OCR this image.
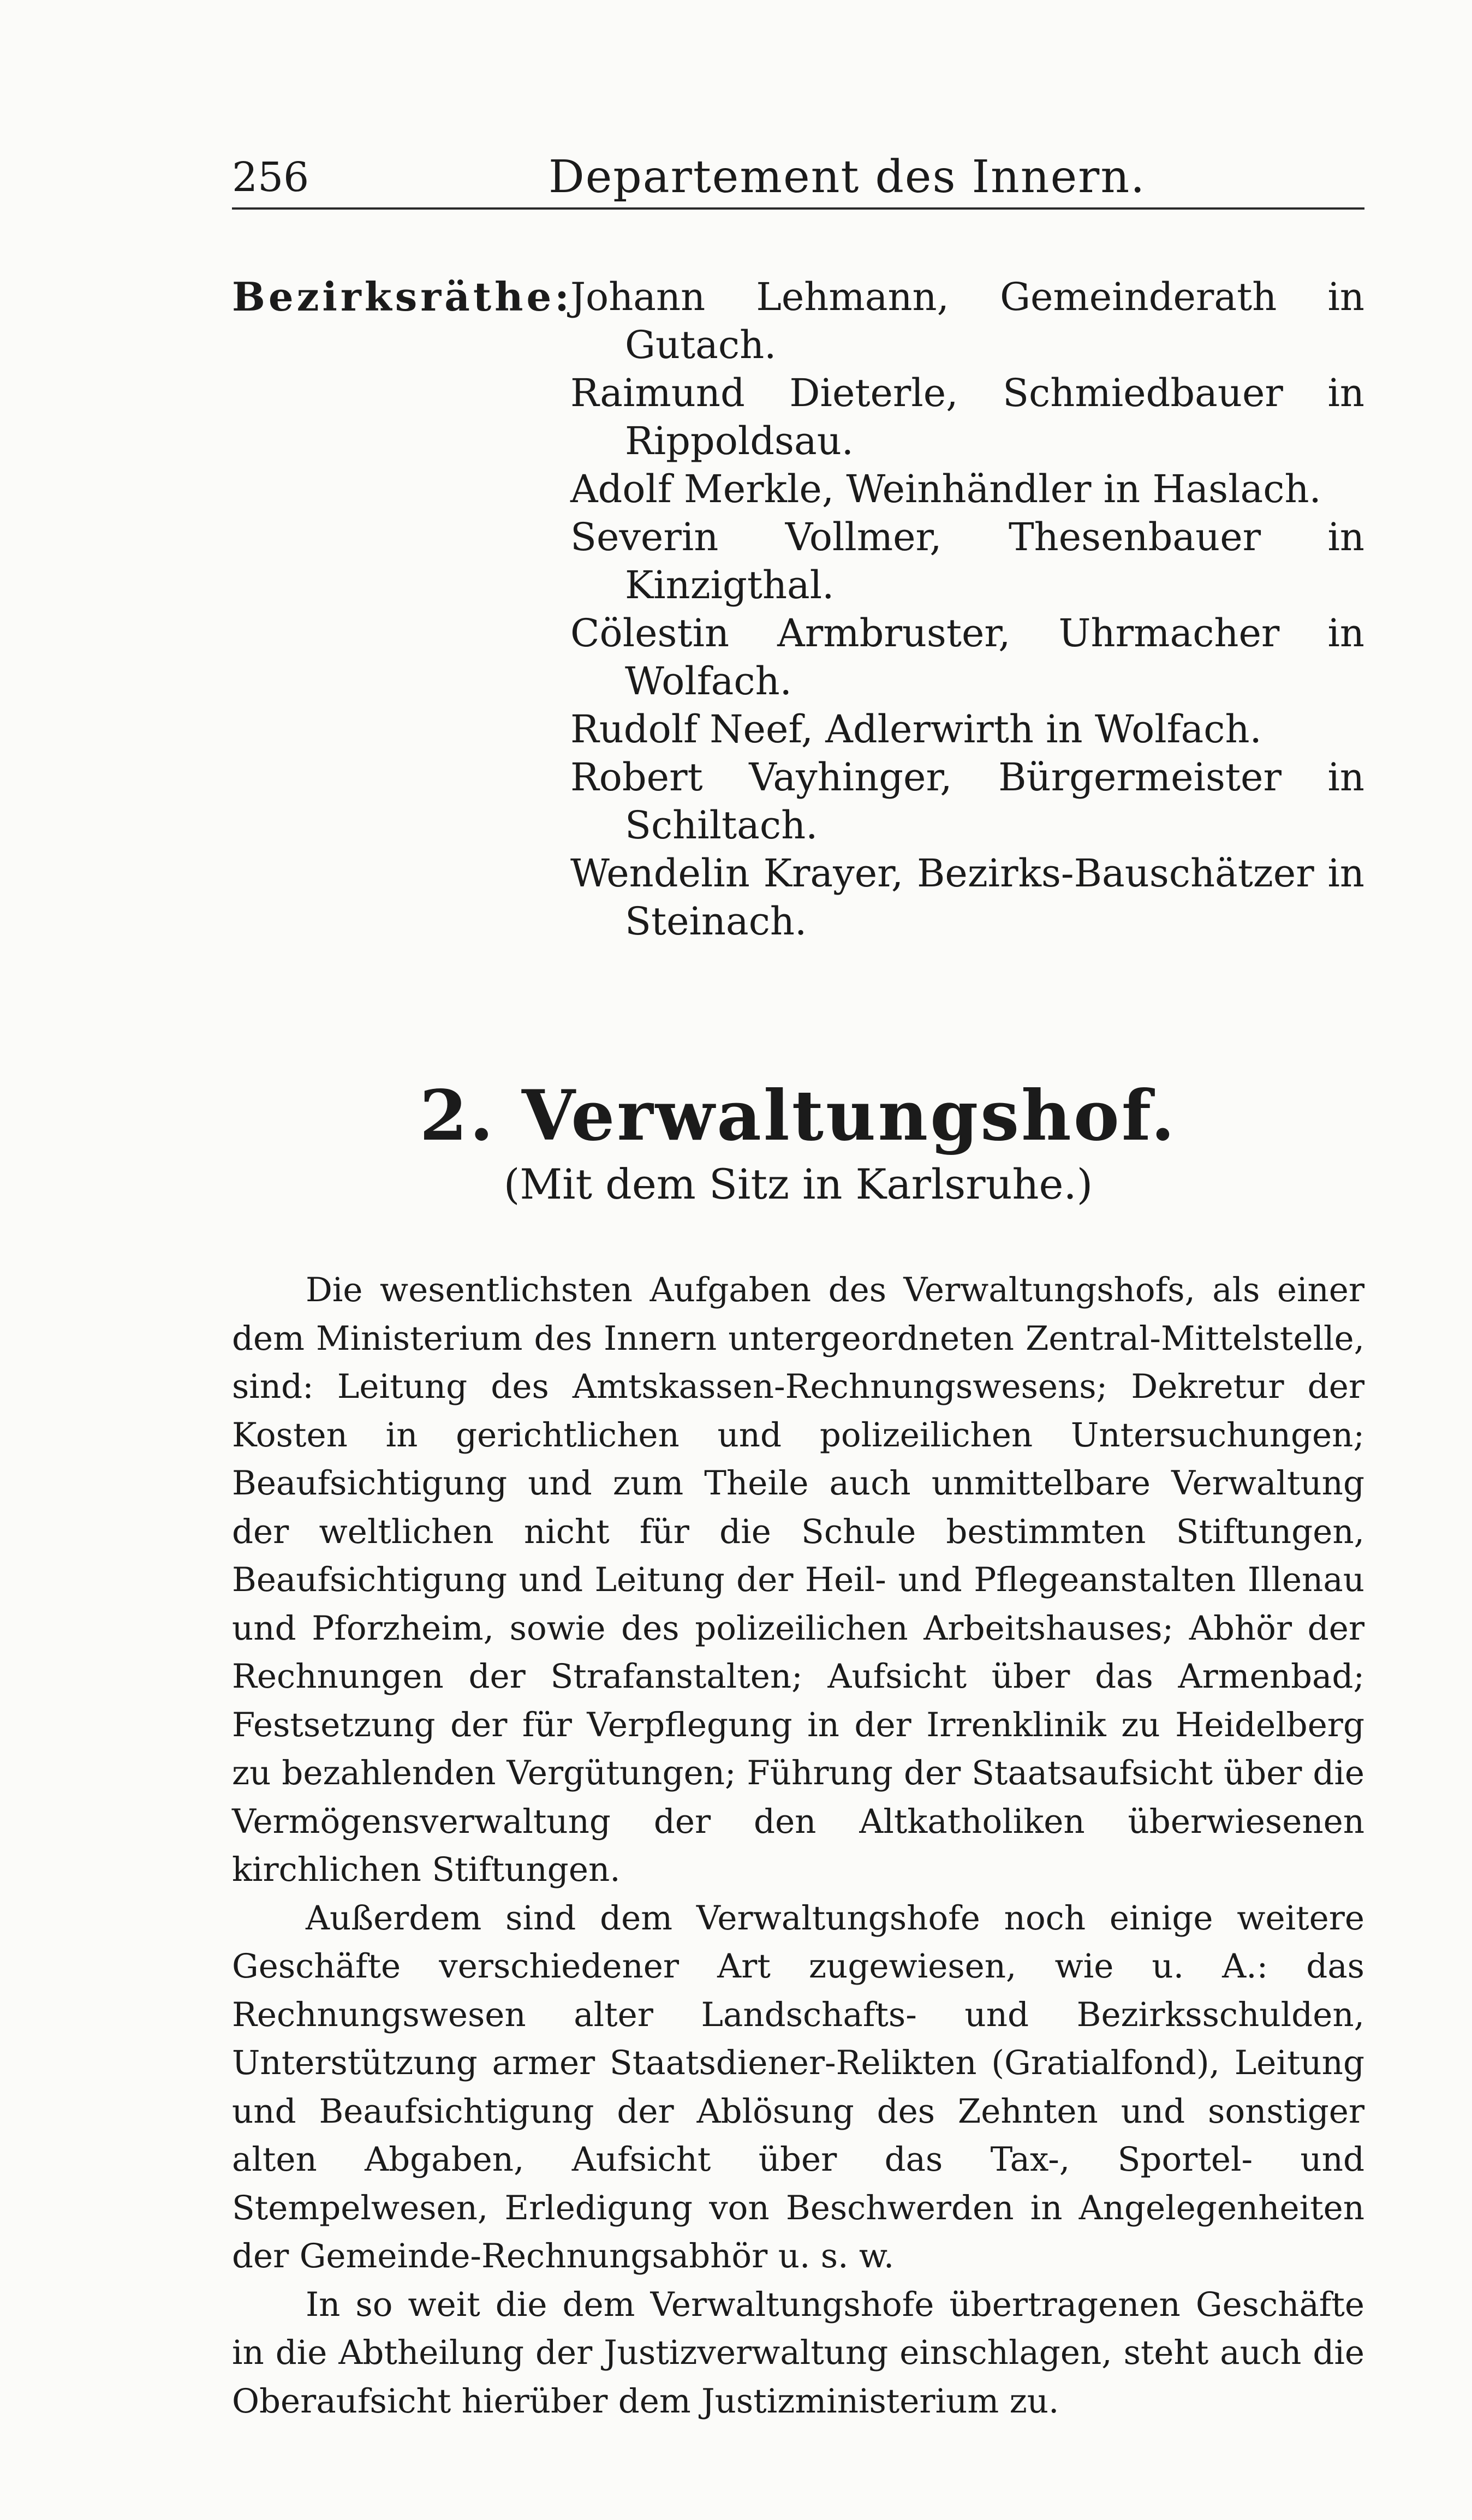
256	Departement des Innern.
Bezirksräthe:
Johann Lehmann, Gemeinderath in Gutach.
Raimund Dieterle, Schmiedbauer in Rippoldsau.
Adolf Merkle, Weinhändler in Haslach.
Severin Vollmer, Thesenbauer in Kinzigthal.
Cölestin Armbruster, Uhrmacher in Wolfach.
Rudolf Neef, Adlerwirth in Wolfach.
Robert Vayhinger, Bürgermeister in Schiltach.
Wendelin Krayer, Bezirks-Bauschätzer in Steinach.
2. Verwaltungshof.
(Mit dem Sitz in Karlsruhe.)

Die wesentlichsten Aufgaben des Verwaltungshofs, als einer dem Ministerium des Innern untergeordneten Zentral-Mittelstelle, sind: Leitung des Amtskassen-Rechnungswesens; Dekretur der Kosten in gerichtlichen und polizeilichen Untersuchungen; Beaufsichtigung und zum Theile auch unmittelbare Verwaltung der weltlichen nicht für die Schule bestimmten Stiftungen, Beaufsichtigung und Leitung der Heil- und Pflegeanstalten Illenau und Pforzheim, sowie des polizeilichen Arbeitshauses; Abhör der Rechnungen der Strafanstalten; Aufsicht über das Armenbad; Festsetzung der für Verpflegung in der Irrenklinik zu Heidelberg zu bezahlenden Vergütungen; Führung der Staatsaufsicht über die Vermögensverwaltung der den Altkatholiken überwiesenen kirchlichen Stiftungen.

Außerdem sind dem Verwaltungshofe noch einige weitere Geschäfte verschiedener Art zugewiesen, wie u. A.: das Rechnungswesen alter Landschafts- und Bezirksschulden, Unterstützung armer Staatsdiener-Relikten (Gratialfond), Leitung und Beaufsichtigung der Ablösung des Zehnten und sonstiger alten Abgaben, Aufsicht über das Tax-, Sportel- und Stempelwesen, Erledigung von Beschwerden in Angelegenheiten der Gemeinde-Rechnungsabhör u. s. w.

In so weit die dem Verwaltungshofe übertragenen Geschäfte in die Abtheilung der Justizverwaltung einschlagen, steht auch die Oberaufsicht hierüber dem Justizministerium zu.
